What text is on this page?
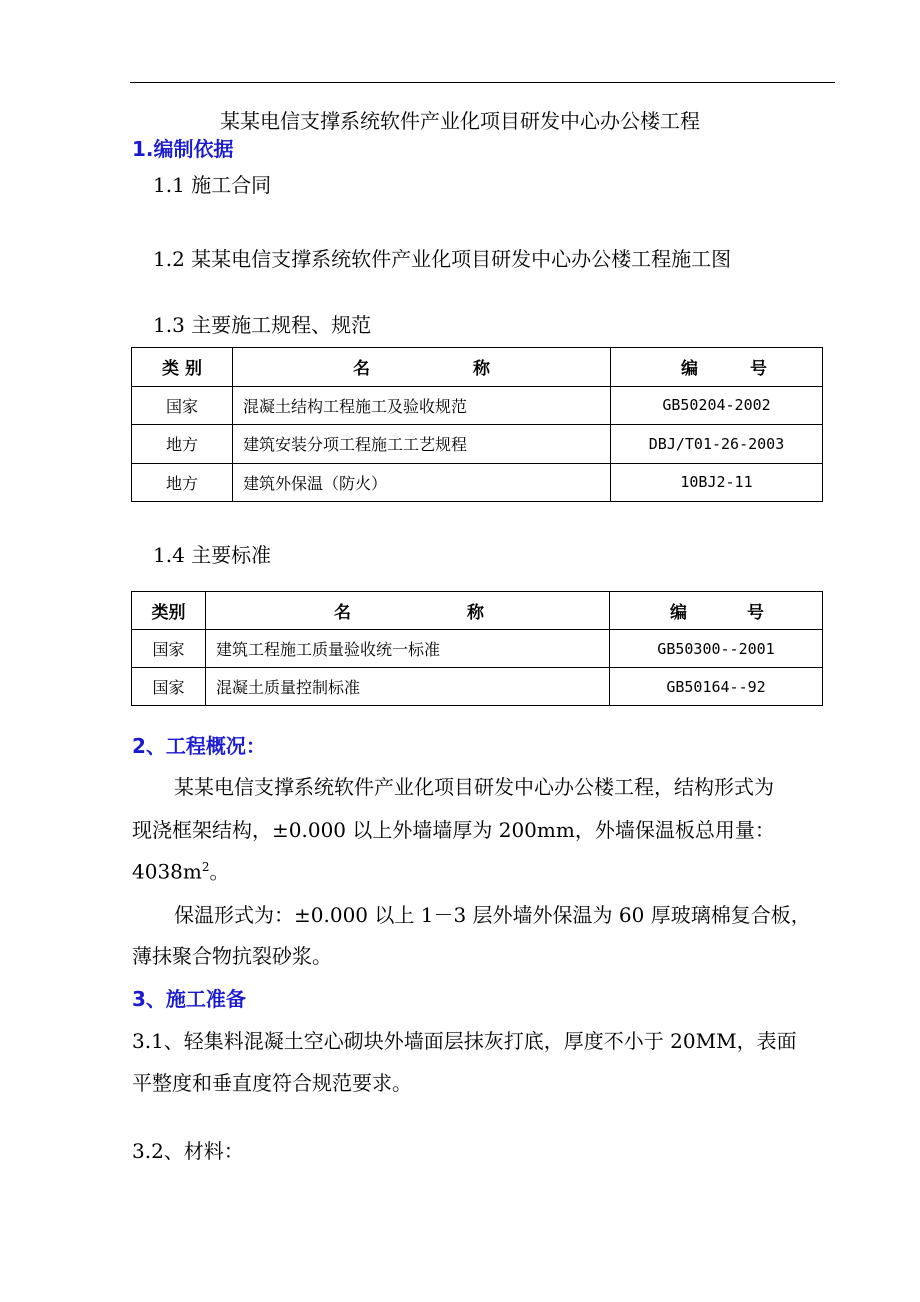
某某电信支撑系统软件产业化项目研发中心办公楼工程
1.编制依据
1.1 施工合同
1.2 某某电信支撑系统软件产业化项目研发中心办公楼工程施工图
1.3 主要施工规程、规范
类 别	名 称	编 号

国家	混凝土结构工程施工及验收规范	GB50204-2002
地方	建筑安装分项工程施工工艺规程	DBJ/T01-26-2003
地方	建筑外保温（防火）	10BJ2-11
1.4 主要标准
类别	名 称	编 号

国家	建筑工程施工质量验收统一标准	GB50300--2001
国家	混凝土质量控制标准	GB50164--92
2、工程概况：
某某电信支撑系统软件产业化项目研发中心办公楼工程，结构形式为
现浇框架结构，±0.000 以上外墙墙厚为 200mm，外墙保温板总用量：
$4038m^2$。
保温形式为：±0.000 以上 1－3 层外墙外保温为 60 厚玻璃棉复合板，
薄抹聚合物抗裂砂浆。
3、施工准备
3.1、轻集料混凝土空心砌块外墙面层抹灰打底，厚度不小于 20MM，表面
平整度和垂直度符合规范要求。
3.2、材料：
